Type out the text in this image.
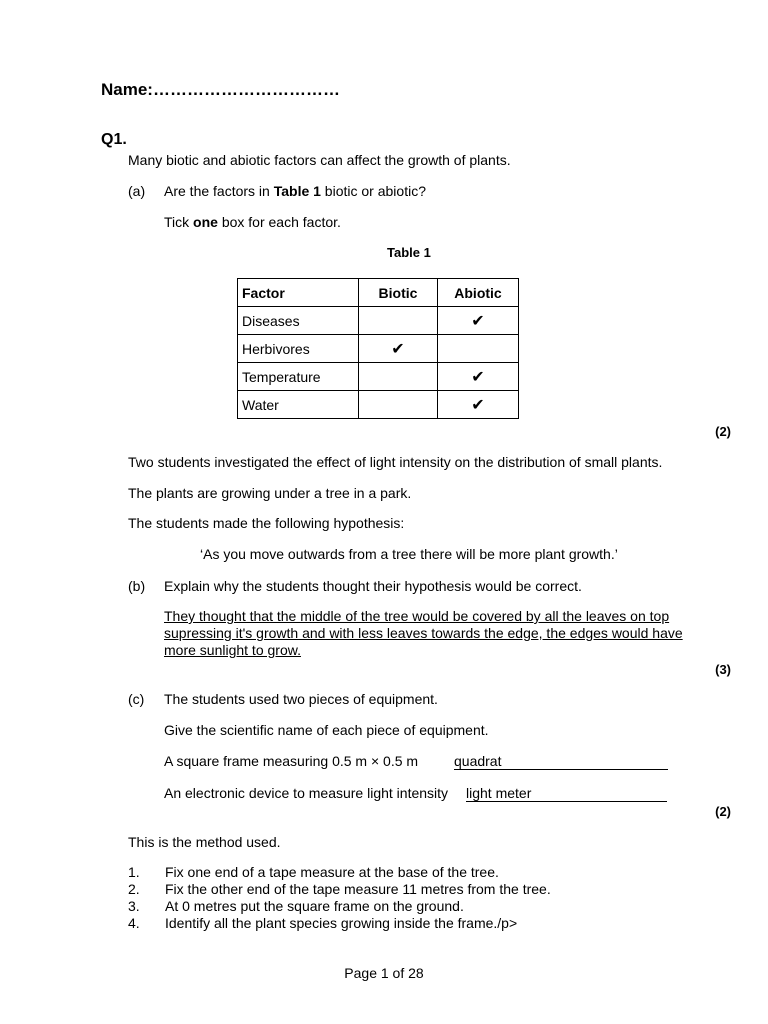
Name:……………………………
Q1.
Many biotic and abiotic factors can affect the growth of plants.
(a) Are the factors in Table 1 biotic or abiotic?
Tick one box for each factor.
Table 1
Factor	Biotic	Abiotic
Diseases		✔
Herbivores	✔	
Temperature		✔
Water		✔
(2)
Two students investigated the effect of light intensity on the distribution of small plants.
The plants are growing under a tree in a park.
The students made the following hypothesis:
‘As you move outwards from a tree there will be more plant growth.’
(b) Explain why the students thought their hypothesis would be correct.
They thought that the middle of the tree would be covered by all the leaves on top supressing it's growth and with less leaves towards the edge, the edges would have more sunlight to grow.
(3)
(c) The students used two pieces of equipment.
Give the scientific name of each piece of equipment.
A square frame measuring 0.5 m × 0.5 m	quadrat
An electronic device to measure light intensity light meter
(2)
This is the method used.
1.	Fix one end of a tape measure at the base of the tree.
2.	Fix the other end of the tape measure 11 metres from the tree.
3.	At 0 metres put the square frame on the ground.
4.	Identify all the plant species growing inside the frame./p>
Page 1 of 28
